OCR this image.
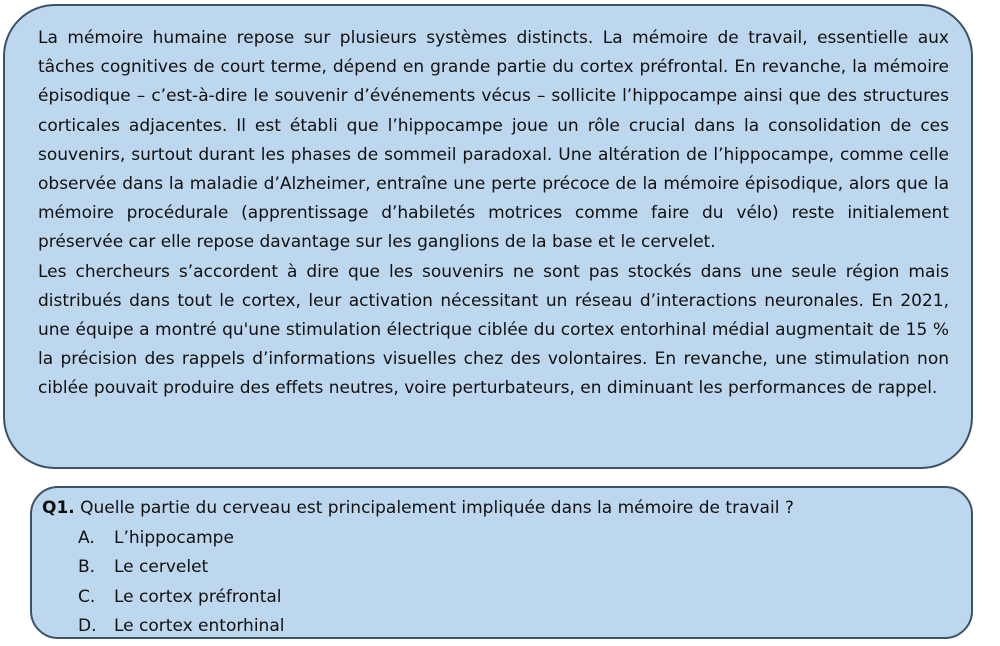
La mémoire humaine repose sur plusieurs systèmes distincts. La mémoire de travail, essentielle aux tâches cognitives de court terme, dépend en grande partie du cortex préfrontal. En revanche, la mémoire épisodique – c’est-à-dire le souvenir d’événements vécus – sollicite l’hippocampe ainsi que des structures corticales adjacentes. Il est établi que l’hippocampe joue un rôle crucial dans la consolidation de ces souvenirs, surtout durant les phases de sommeil paradoxal. Une altération de l’hippocampe, comme celle observée dans la maladie d’Alzheimer, entraîne une perte précoce de la mémoire épisodique, alors que la mémoire procédurale (apprentissage d’habiletés motrices comme faire du vélo) reste initialement préservée car elle repose davantage sur les ganglions de la base et le cervelet.

Les chercheurs s’accordent à dire que les souvenirs ne sont pas stockés dans une seule région mais distribués dans tout le cortex, leur activation nécessitant un réseau d’interactions neuronales. En 2021, une équipe a montré qu'une stimulation électrique ciblée du cortex entorhinal médial augmentait de 15 % la précision des rappels d’informations visuelles chez des volontaires. En revanche, une stimulation non ciblée pouvait produire des effets neutres, voire perturbateurs, en diminuant les performances de rappel.

Q1. Quelle partie du cerveau est principalement impliquée dans la mémoire de travail ?

A.	L’hippocampe
B.	Le cervelet
C.	Le cortex préfrontal
D.	Le cortex entorhinal
